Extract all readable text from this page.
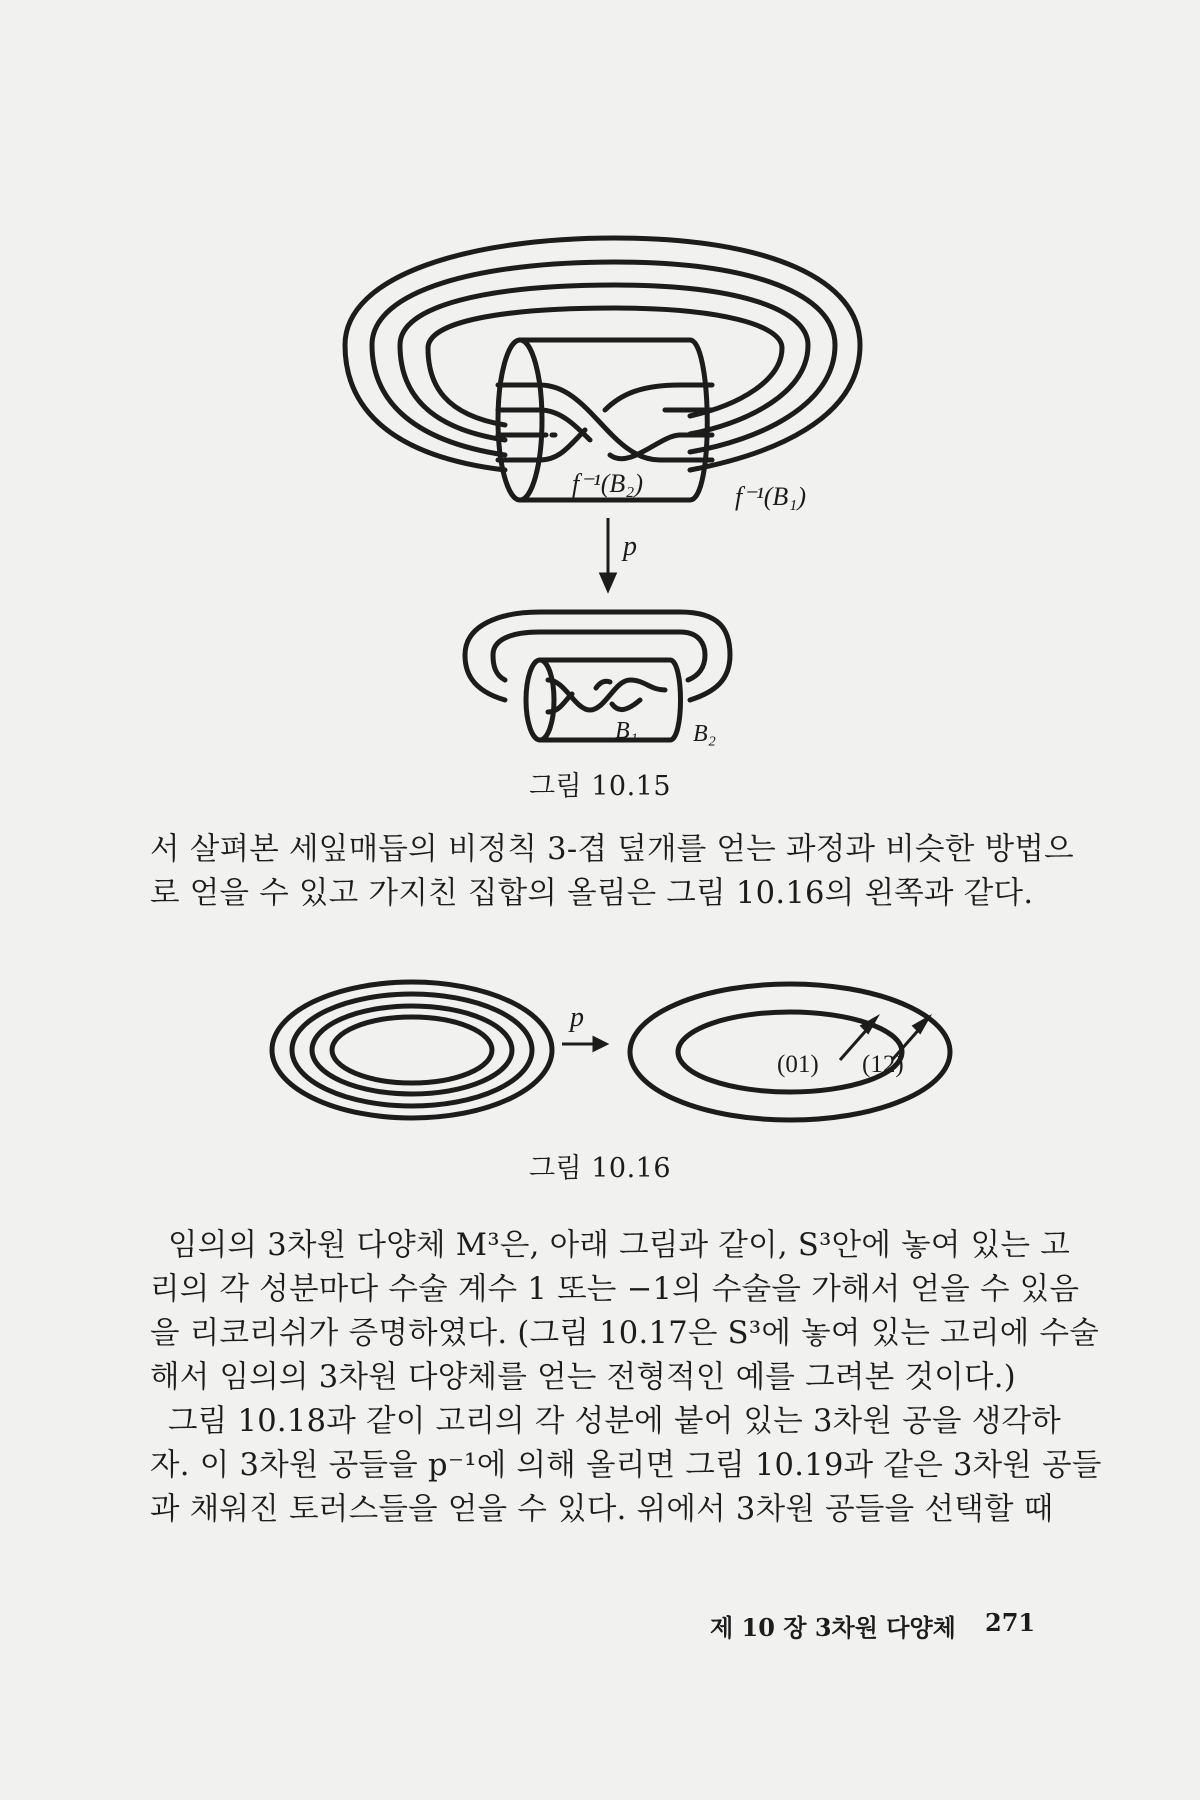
f⁻¹(B₂)	f⁻¹(B₁)
p
B₁ B₂
그림 10.15

서 살펴본 세잎매듭의 비정칙 3-겹 덮개를 얻는 과정과 비슷한 방법으
로 얻을 수 있고 가지친 집합의 올림은 그림 10.16의 왼쪽과 같다.

p
(01) (12)
그림 10.16

임의의 3차원 다양체 M³은, 아래 그림과 같이, S³안에 놓여 있는 고

리의 각 성분마다 수술 계수 1 또는 −1의 수술을 가해서 얻을 수 있음
을 리코리쉬가 증명하였다. (그림 10.17은 S³에 놓여 있는 고리에 수술
해서 임의의 3차원 다양체를 얻는 전형적인 예를 그려본 것이다.)

그림 10.18과 같이 고리의 각 성분에 붙어 있는 3차원 공을 생각하

자. 이 3차원 공들을 p⁻¹에 의해 올리면 그림 10.19과 같은 3차원 공들
과 채워진 토러스들을 얻을 수 있다. 위에서 3차원 공들을 선택할 때

제 10 장 3차원 다양체 271
